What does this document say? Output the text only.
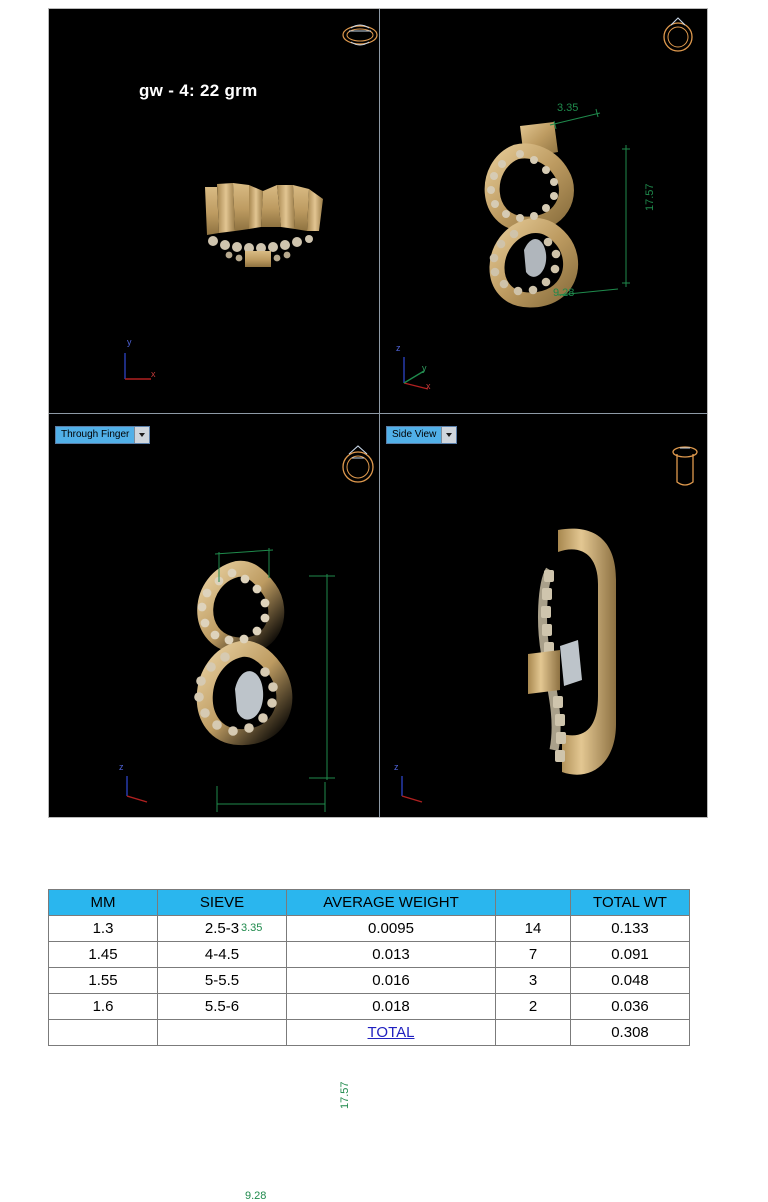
gw - 4: 22 grm
y
x
3.35
17.57
9.28
z
y
x
Through Finger
3.35
17.57
9.28
z
Side View
z
MM	SIEVE	AVERAGE WEIGHT		TOTAL WT
1.3	2.5-3	0.0095	14	0.133
1.45	4-4.5	0.013	7	0.091
1.55	5-5.5	0.016	3	0.048
1.6	5.5-6	0.018	2	0.036
		TOTAL		0.308
